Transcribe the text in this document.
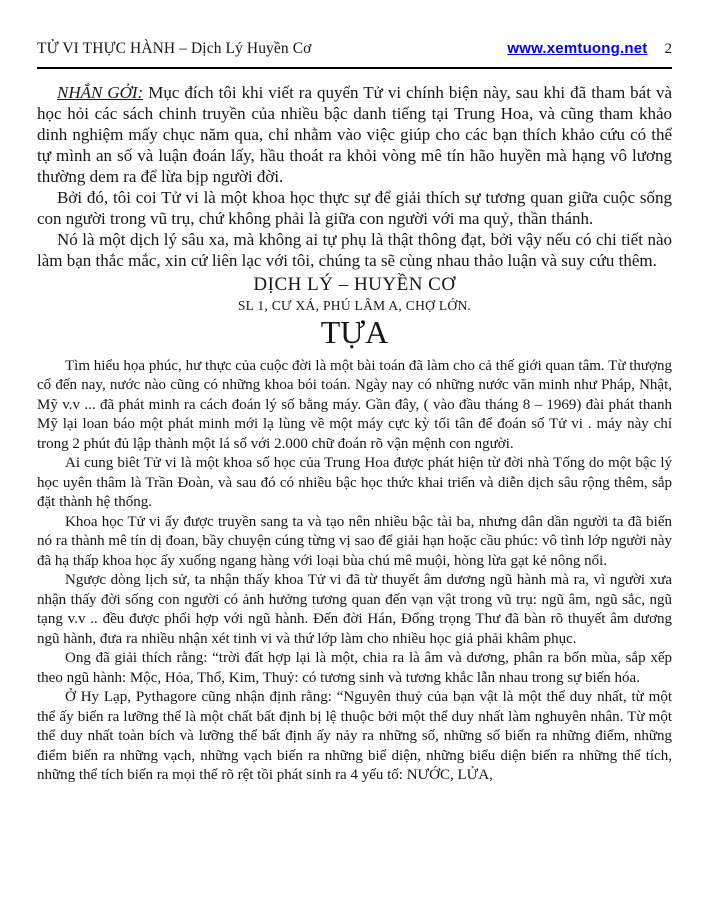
TỬ VI THỰC HÀNH – Dịch Lý Huyền Cơ	www.xemtuong.net 2

NHẮN GỞI: Mục đích tôi khi viết ra quyển Tử vi chính biện này, sau khi đã tham bát và học hỏi các sách chinh truyền của nhiều bậc danh tiếng tại Trung Hoa, và cũng tham khảo dinh nghiệm mấy chục năm qua, chỉ nhằm vào việc giúp cho các bạn thích khảo cứu có thể tự mình an số và luận đoán lấy, hầu thoát ra khỏi vòng mê tín hão huyền mà hạng vô lương thường dem ra để lừa bịp người đời.

Bởi đó, tôi coi Tử vi là một khoa học thực sự để giải thích sự tương quan giữa cuộc sống con người trong vũ trụ, chứ không phải là giữa con người với ma quỷ, thần thánh.

Nó là một dịch lý sâu xa, mà không ai tự phụ là thật thông đạt, bởi vậy nếu có chi tiết nào làm bạn thắc mắc, xin cứ liên lạc với tôi, chúng ta sẽ cùng nhau thảo luận và suy cứu thêm.

DỊCH LÝ – HUYỀN CƠ
SL 1, CƯ XÁ, PHÚ LÂM A, CHỢ LỚN.
TỰA

Tìm hiểu họa phúc, hư thực của cuộc đời là một bài toán đã làm cho cả thế giới quan tâm. Từ thượng cổ đến nay, nước nào cũng có những khoa bói toán. Ngày nay có những nước văn minh như Pháp, Nhật, Mỹ v.v ... đã phát minh ra cách đoán lý số bằng máy. Gần đây, ( vào đầu tháng 8 – 1969) đài phát thanh Mỹ lại loan báo một phát minh mới lạ lùng về một máy cực kỳ tối tân để đoán số Tử vi . máy này chỉ trong 2 phút đủ lập thành một lá số với 2.000 chữ đoán rõ vận mệnh con người.

Ai cung biêt Tử vi là một khoa số học của Trung Hoa được phát hiện từ đời nhà Tống do một bậc lý học uyên thâm là Trần Đoàn, và sau đó có nhiều bậc học thức khai triển và diễn dịch sâu rộng thêm, sắp đặt thành hệ thống.

Khoa học Tử vi ấy được truyền sang ta và tạo nên nhiều bậc tài ba, nhưng dân dần người ta đã biến nó ra thành mê tín dị đoan, bầy chuyện cúng từng vị sao để giải hạn hoặc cầu phúc: vô tình lớp người này đã hạ thấp khoa học ấy xuống ngang hàng với loại bùa chú mê muội, hòng lừa gạt kẻ nông nổi.

Ngược dòng lịch sử, ta nhận thấy khoa Tử vi đã từ thuyết âm dương ngũ hành mà ra, vì người xưa nhận thấy đời sống con người có ảnh hưởng tương quan đến vạn vật trong vũ trụ: ngũ âm, ngũ sắc, ngũ tạng v.v .. đều được phối hợp với ngũ hành. Đến đời Hán, Đổng trọng Thư đã bàn rõ thuyết âm dương ngũ hành, đưa ra nhiều nhận xét tinh vi và thứ lớp làm cho nhiều học giả phải khâm phục.

Ong đã giải thích rằng: “trời đất hợp lại là một, chia ra là âm và dương, phân ra bốn mùa, sắp xếp theo ngũ hành: Mộc, Hỏa, Thổ, Kim, Thuỷ: có tương sinh và tương khắc lẫn nhau trong sự biến hóa.

Ở Hy Lạp, Pythagore cũng nhận định rằng: “Nguyên thuỷ của bạn vật là một thể duy nhất, từ một thể ấy biến ra lưỡng thể là một chất bất định bị lệ thuộc bởi một thể duy nhất làm nghuyên nhân. Từ một thể duy nhất toàn bích và lưỡng thể bất định ấy nảy ra những số, những số biến ra những điểm, những điểm biến ra những vạch, những vạch biến ra những biể diện, những biểu diện biến ra những thể tích, những thể tích biến ra mọi thể rõ rệt tồi phát sinh ra 4 yếu tố: NƯỚC, LỬA,
